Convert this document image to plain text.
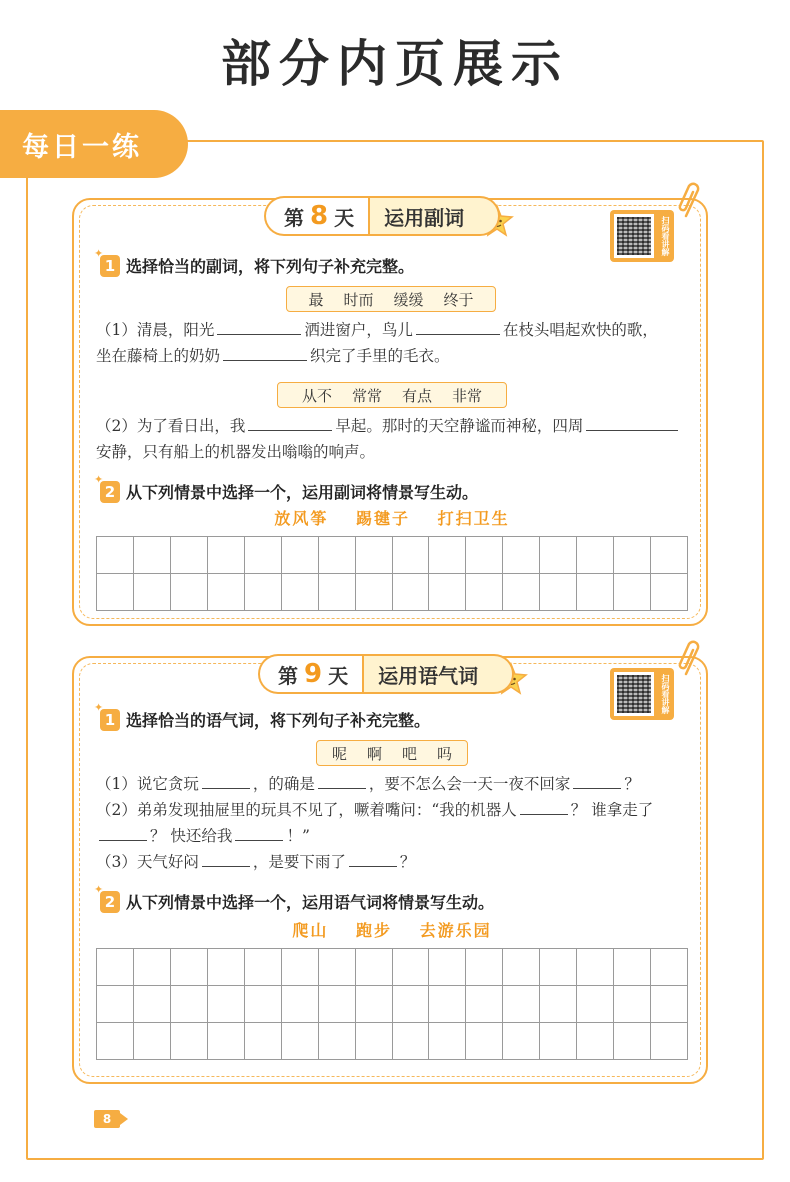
部分内页展示
每日一练
第 8 天	运用副词	扫码看讲解
✦
1 选择恰当的副词，将下列句子补充完整。
最 时而 缓缓 终于
（1）清晨，阳光	洒进窗户，鸟儿	在枝头唱起欢快的歌，
坐在藤椅上的奶奶	织完了手里的毛衣。
从不 常常 有点 非常
（2）为了看日出，我	早起。那时的天空静谧而神秘，四周
安静，只有船上的机器发出嗡嗡的响声。
✦
2 从下列情景中选择一个，运用副词将情景写生动。
放风筝 踢毽子 打扫卫生
第 9 天	运用语气词	扫码看讲解
✦
1 选择恰当的语气词，将下列句子补充完整。
呢 啊 吧 吗
（1）说它贪玩	，的确是	，要不怎么会一天一夜不回家	？
（2）弟弟发现抽屉里的玩具不见了，噘着嘴问：“我的机器人	？ 谁拿走了
？ 快还给我	！”
（3）天气好闷	，是要下雨了	？
✦
2 从下列情景中选择一个，运用语气词将情景写生动。
爬山 跑步 去游乐园
8
